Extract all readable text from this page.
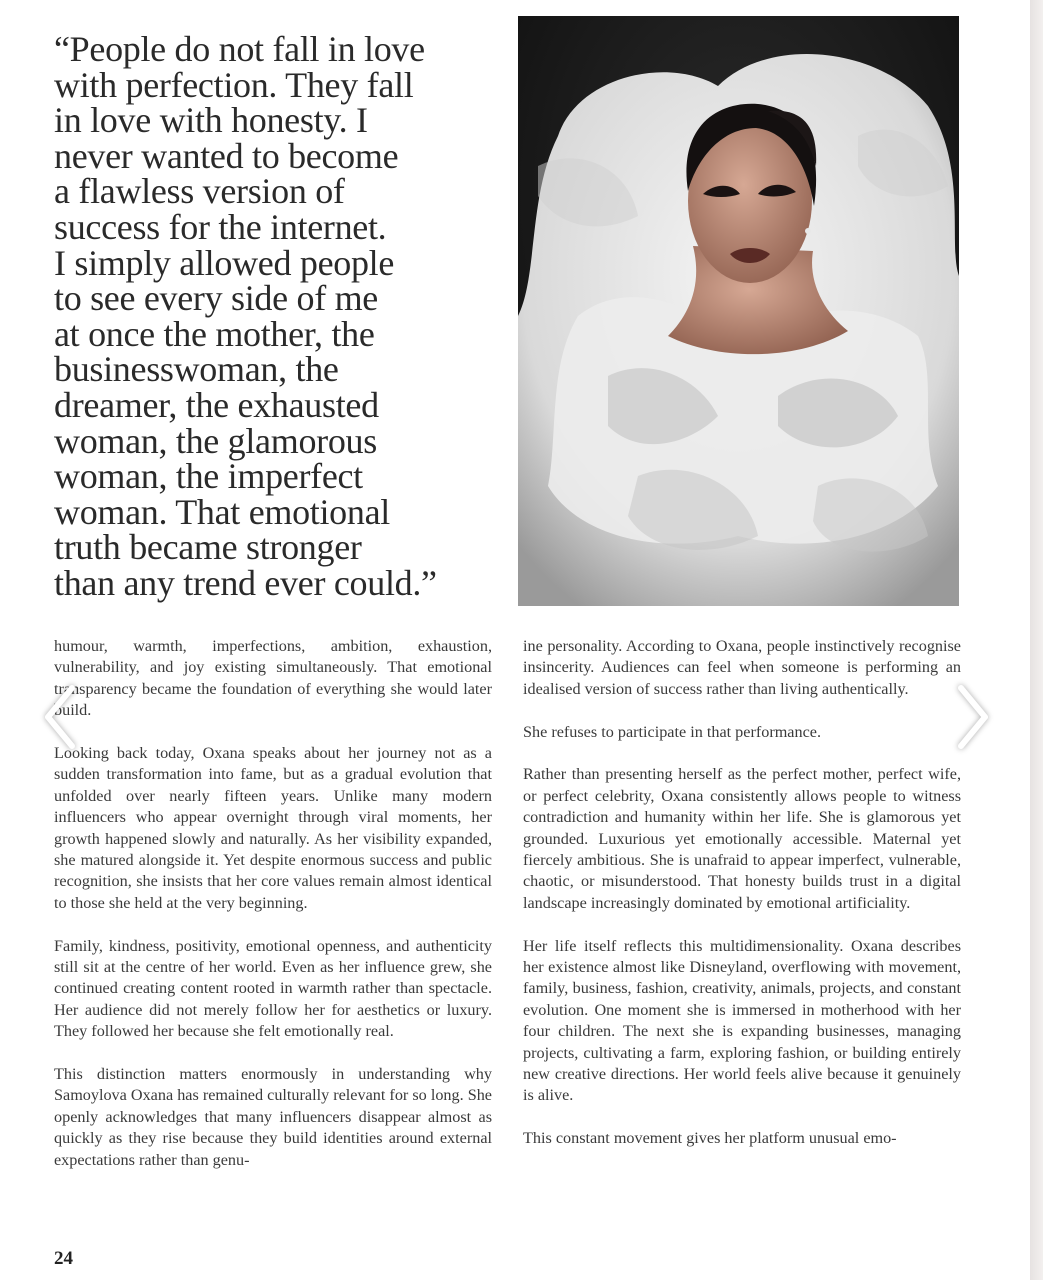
“People do not fall in love
with perfection. They fall
in love with honesty. I
never wanted to become
a flawless version of
success for the internet.
I simply allowed people
to see every side of me
at once the mother, the
businesswoman, the
dreamer, the exhausted
woman, the glamorous
woman, the imperfect
woman. That emotional
truth became stronger
than any trend ever could.”

humour, warmth, imperfections, ambition, exhaustion, vulnerability, and joy existing simultaneously. That emotional transparency became the foundation of everything she would later build.

Looking back today, Oxana speaks about her journey not as a sudden transformation into fame, but as a gradual evolution that unfolded over nearly fifteen years. Unlike many modern influencers who appear overnight through viral moments, her growth happened slowly and naturally. As her visibility expanded, she matured alongside it. Yet despite enormous success and public recognition, she insists that her core values remain almost identical to those she held at the very beginning.

Family, kindness, positivity, emotional openness, and authenticity still sit at the centre of her world. Even as her influence grew, she continued creating content rooted in warmth rather than spectacle. Her audience did not merely follow her for aesthetics or luxury. They followed her because she felt emotionally real.

This distinction matters enormously in understanding why Samoylova Oxana has remained culturally relevant for so long. She openly acknowledges that many influencers disappear almost as quickly as they rise because they build identities around external expectations rather than genu-

ine personality. According to Oxana, people instinctively recognise insincerity. Audiences can feel when someone is performing an idealised version of success rather than living authentically.

She refuses to participate in that performance.

Rather than presenting herself as the perfect mother, perfect wife, or perfect celebrity, Oxana consistently allows people to witness contradiction and humanity within her life. She is glamorous yet grounded. Luxurious yet emotionally accessible. Maternal yet fiercely ambitious. She is unafraid to appear imperfect, vulnerable, chaotic, or misunderstood. That honesty builds trust in a digital landscape increasingly dominated by emotional artificiality.

Her life itself reflects this multidimensionality. Oxana describes her existence almost like Disneyland, overflowing with movement, family, business, fashion, creativity, animals, projects, and constant evolution. One moment she is immersed in motherhood with her four children. The next she is expanding businesses, managing projects, cultivating a farm, exploring fashion, or building entirely new creative directions. Her world feels alive because it genuinely is alive.

This constant movement gives her platform unusual emo-

24
